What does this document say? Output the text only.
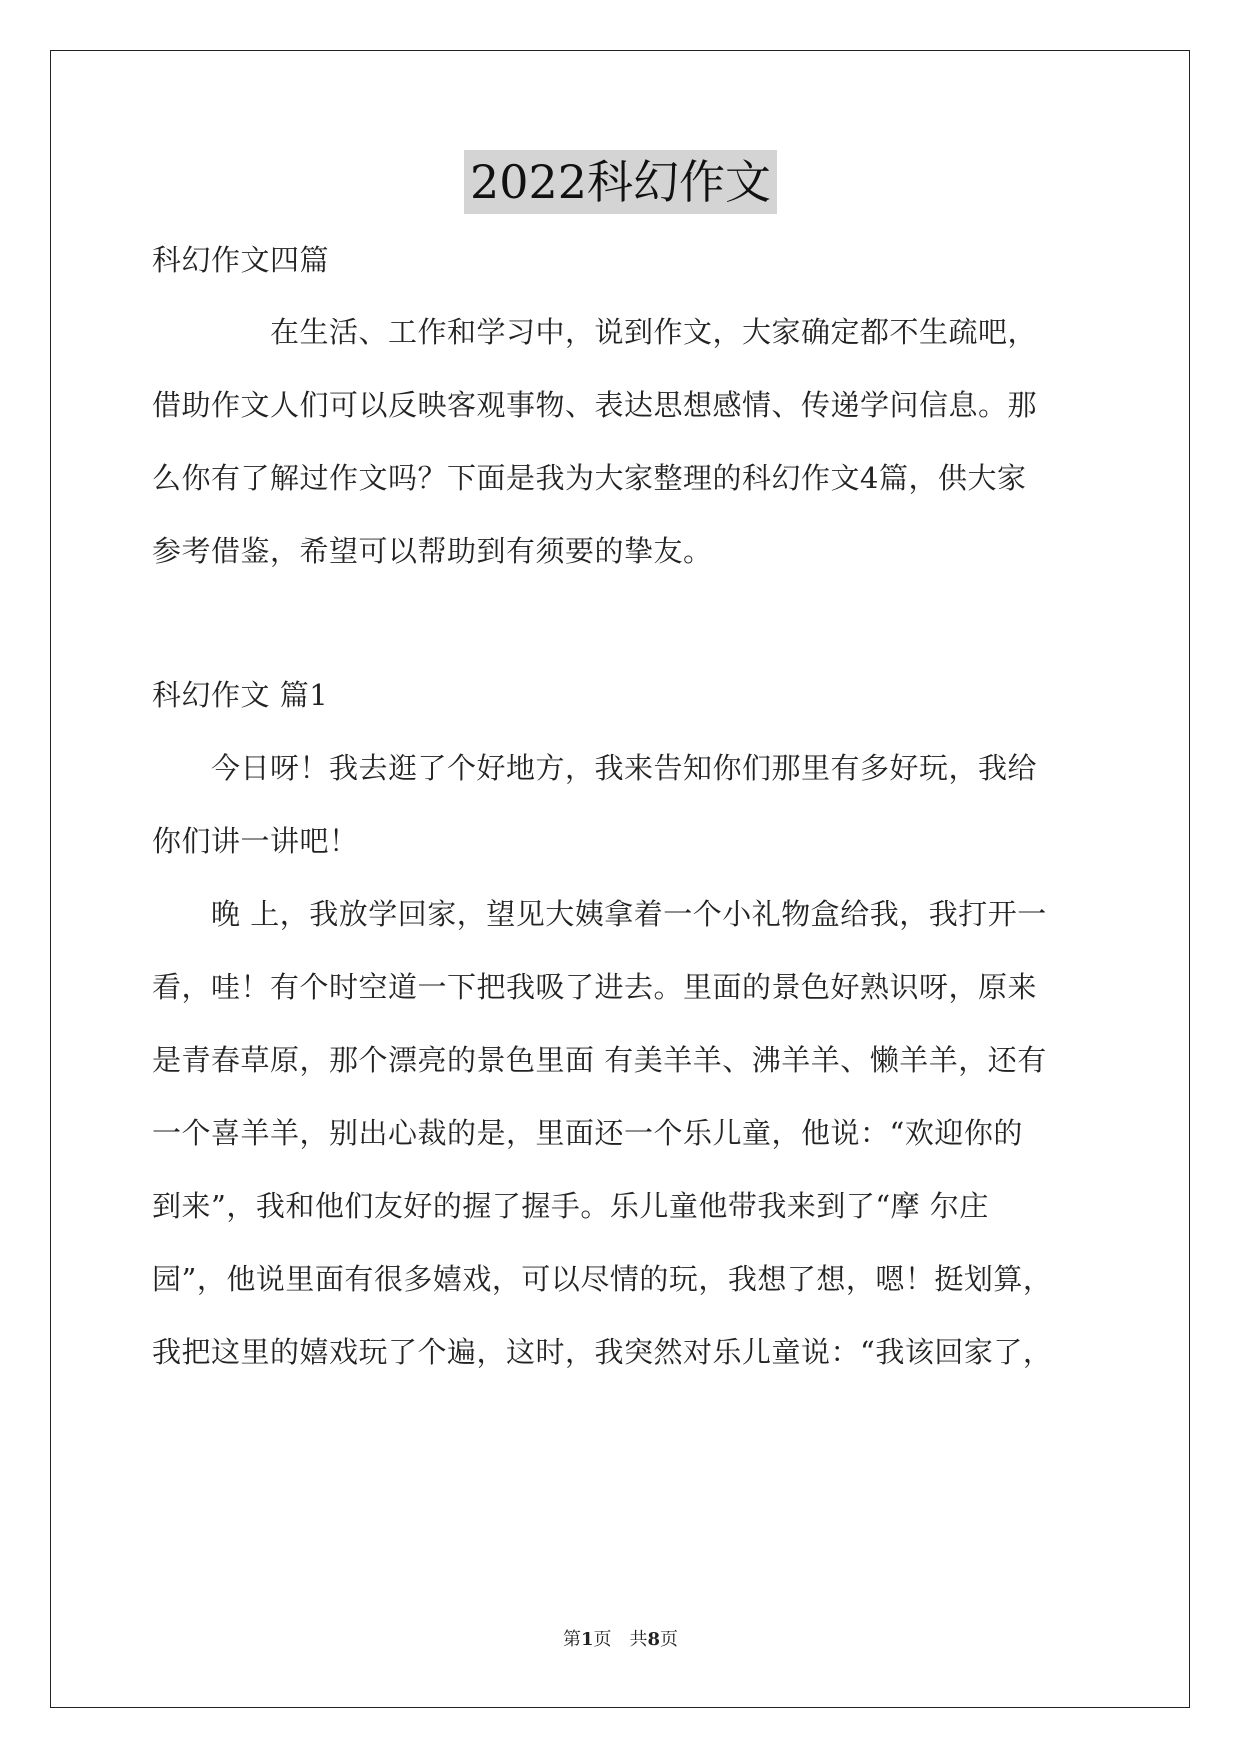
2022科幻作文
科幻作文四篇
在生活、工作和学习中，说到作文，大家确定都不生疏吧，
借助作文人们可以反映客观事物、表达思想感情、传递学问信息。那
么你有了解过作文吗？下面是我为大家整理的科幻作文4篇，供大家
参考借鉴，希望可以帮助到有须要的挚友。
科幻作文 篇1
今日呀！我去逛了个好地方，我来告知你们那里有多好玩，我给
你们讲一讲吧！
晚 上，我放学回家，望见大姨拿着一个小礼物盒给我，我打开一
看，哇！有个时空道一下把我吸了进去。里面的景色好熟识呀，原来
是青春草原，那个漂亮的景色里面 有美羊羊、沸羊羊、懒羊羊，还有
一个喜羊羊，别出心裁的是，里面还一个乐儿童，他说：“欢迎你的
到来”，我和他们友好的握了握手。乐儿童他带我来到了“摩 尔庄
园”，他说里面有很多嬉戏，可以尽情的玩，我想了想，嗯！挺划算，
我把这里的嬉戏玩了个遍，这时，我突然对乐儿童说：“我该回家了，
第1页　共8页
